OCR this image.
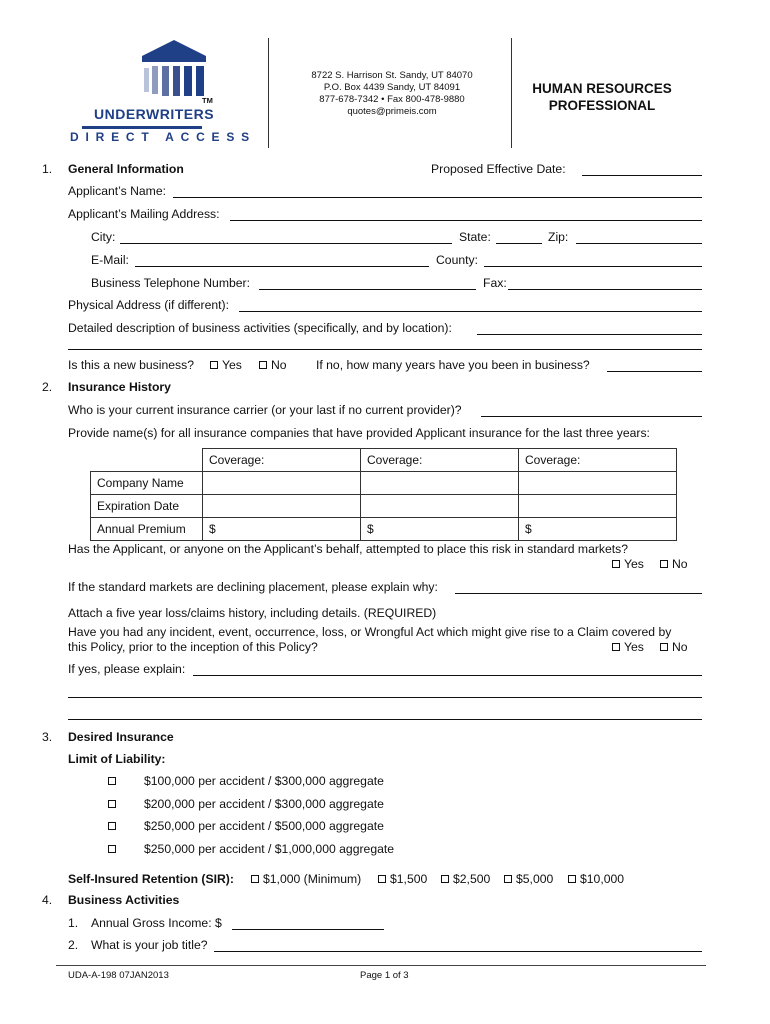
TM
UNDERWRITERS
DIRECT ACCESS
8722 S. Harrison St. Sandy, UT 84070
P.O. Box 4439 Sandy, UT 84091
877-678-7342 • Fax 800-478-9880
quotes@primeis.com
HUMAN RESOURCES
PROFESSIONAL
1. General Information	Proposed Effective Date:
Applicant’s Name:
Applicant’s Mailing Address:
City:	State:	Zip:
E-Mail:	County:
Business Telephone Number:	Fax:
Physical Address (if different):
Detailed description of business activities (specifically, and by location):
Is this a new business?	Yes	No If no, how many years have you been in business?
2. Insurance History
Who is your current insurance carrier (or your last if no current provider)?
Provide name(s) for all insurance companies that have provided Applicant insurance for the last three years:
	Coverage:	Coverage:	Coverage:
Company Name			
Expiration Date			
Annual Premium	$	$	$
Has the Applicant, or anyone on the Applicant’s behalf, attempted to place this risk in standard markets?
Yes	No
If the standard markets are declining placement, please explain why:
Attach a five year loss/claims history, including details. (REQUIRED)
Have you had any incident, event, occurrence, loss, or Wrongful Act which might give rise to a Claim covered by
this Policy, prior to the inception of this Policy?	Yes	No
If yes, please explain:
3. Desired Insurance
Limit of Liability:
$100,000 per accident / $300,000 aggregate
$200,000 per accident / $300,000 aggregate
$250,000 per accident / $500,000 aggregate
$250,000 per accident / $1,000,000 aggregate
Self-Insured Retention (SIR):	$1,000 (Minimum)	$1,500	$2,500	$5,000	$10,000
4. Business Activities
1. Annual Gross Income: $
2. What is your job title?
UDA-A-198 07JAN2013	Page 1 of 3
